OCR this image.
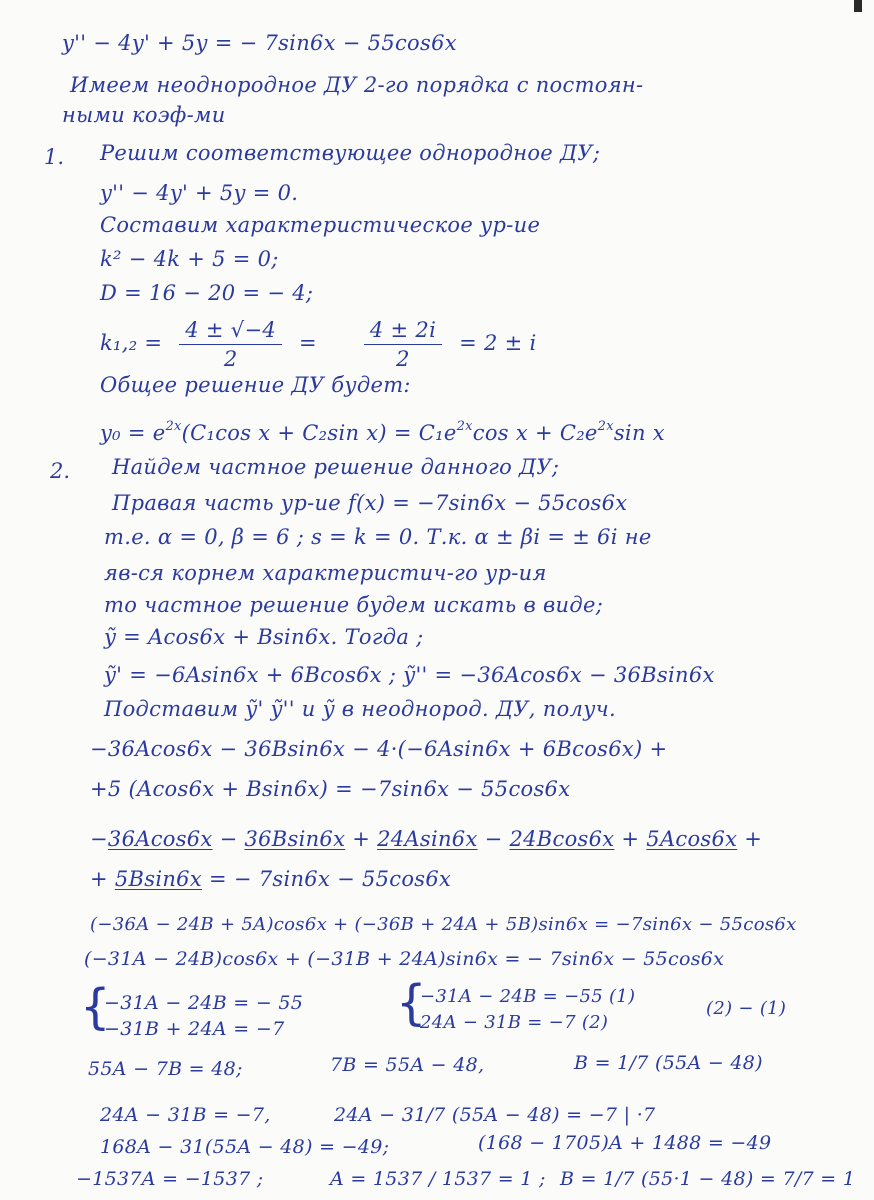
y'' − 4y' + 5y = − 7sin6x − 55cos6x
Имеем неоднородное ДУ 2-го порядка с постоян-
ными коэф-ми
1. Решим соответствующее однородное ДУ;
y'' − 4y' + 5y = 0.
Составим характеристическое ур-ие
k² − 4k + 5 = 0;
D = 16 − 20 = − 4;
$k_1,_2 = \frac{4 \pm √-4}{2} = \frac{4 \pm 2i}{2} = 2 \pm i$
Общее решение ДУ будет:
$y_0 = e^{2x}(C_1\cos$ x + C₂sin $x) = C_1e^{2x}\cos$ $x + C_2e^{2x}\sin$ x
2. Найдем частное решение данного ДУ;
Правая часть ур-ие f(x) = −7sin6x − 55cos6x
т.е. α = 0, β = 6 ; s = k = 0. Т.к. α ± βi = ± 6i не
яв-ся корнем характеристич-го ур-ия
то частное решение будем искать в виде;
ỹ = Acos6x + Bsin6x. Тогда ;
ỹ' = −6Asin6x + 6Bcos6x ; ỹ'' = −36Acos6x − 36Bsin6x
Подставим ỹ' ỹ'' и ỹ в неоднород. ДУ, получ.
−36Acos6x − 36Bsin6x − 4·(−6Asin6x + 6Bcos6x) +
+5 (Acos6x + Bsin6x) = −7sin6x − 55cos6x
−36Acos6x − 36Bsin6x + 24Asin6x − 24Bcos6x + 5Acos6x +
+ 5Bsin6x = − 7sin6x − 55cos6x
(−36A − 24B + 5A)cos6x + (−36B + 24A + 5B)sin6x = −7sin6x − 55cos6x
(−31A − 24B)cos6x + (−31B + 24A)sin6x = − 7sin6x − 55cos6x
{
−31A − 24B = − 55
−31B + 24A = −7 {
−31A − 24B = −55 (1)
24A − 31B = −7 (2)
(2) − (1)
55A − 7B = 48;	7B = 55A − 48,	B = 1/7 (55A − 48)
24A − 31B = −7,	24A − 31/7 (55A − 48) = −7 | ·7
168A − 31(55A − 48) = −49;	(168 − 1705)A + 1488 = −49
−1537A = −1537 ;	A = 1537 / 1537 = 1 ; B = 1/7 (55·1 − 48) = 7/7 = 1
